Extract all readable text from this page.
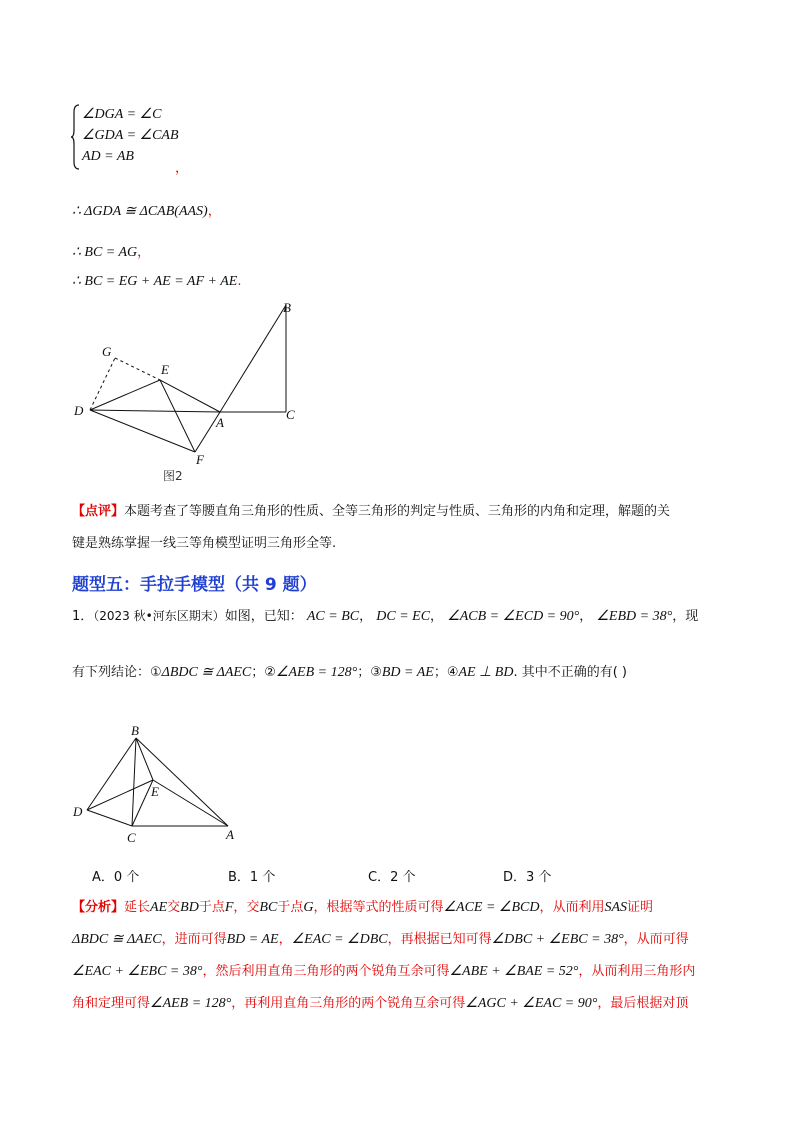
∠DGA = ∠C
∠GDA = ∠CAB
AD = AB
，
∴ ΔGDA ≅ ΔCAB(AAS)，
∴ BC = AG，
∴ BC = EG + AE = AF + AE.
G
E
D
A
F
B
C
图2
【点评】本题考查了等腰直角三角形的性质、全等三角形的判定与性质、三角形的内角和定理，解题的关
键是熟练掌握一线三等角模型证明三角形全等.
题型五：手拉手模型（共 9 题）
1．（2023 秋•河东区期末）如图，已知： AC = BC， DC = EC， ∠ACB = ∠ECD = 90°， ∠EBD = 38°，现
有下列结论：①ΔBDC ≅ ΔAEC；②∠AEB = 128°；③BD = AE；④AE ⊥ BD. 其中不正确的有( )
B
E
D
C	A
A．0 个	B．1 个	C．2 个	D．3 个
【分析】延长AE交BD于点F，交BC于点G，根据等式的性质可得∠ACE = ∠BCD，从而利用SAS证明
ΔBDC ≅ ΔAEC，进而可得BD = AE，∠EAC = ∠DBC，再根据已知可得∠DBC + ∠EBC = 38°，从而可得
∠EAC + ∠EBC = 38°，然后利用直角三角形的两个锐角互余可得∠ABE + ∠BAE = 52°，从而利用三角形内
角和定理可得∠AEB = 128°，再利用直角三角形的两个锐角互余可得∠AGC + ∠EAC = 90°，最后根据对顶
